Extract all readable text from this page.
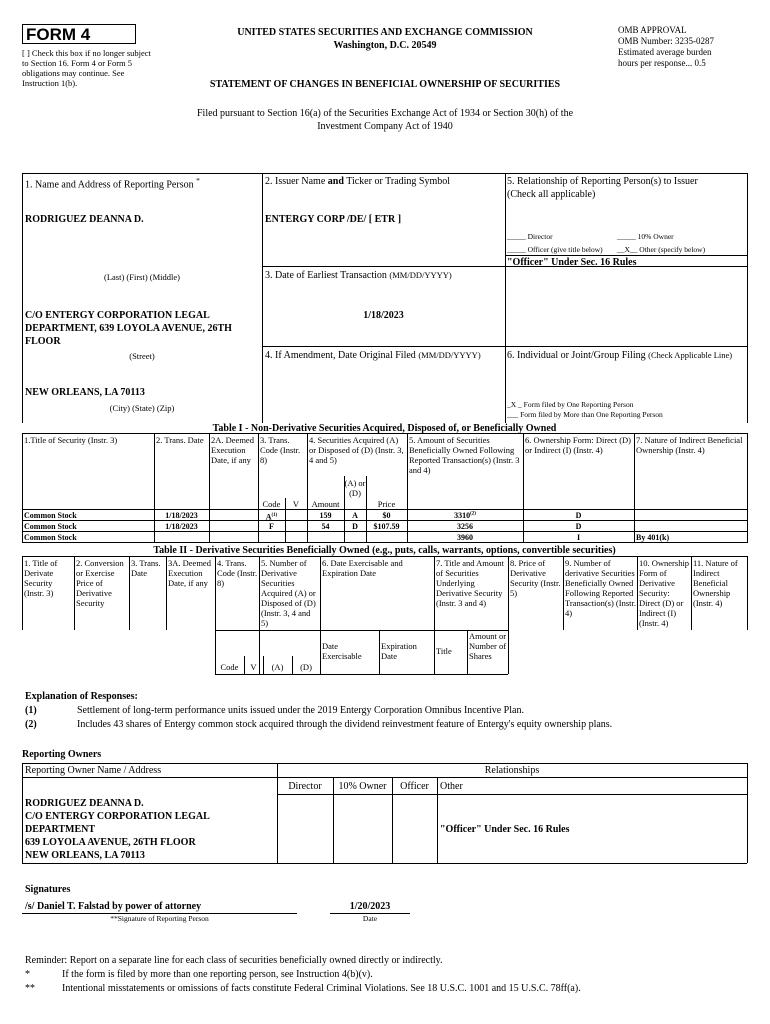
FORM 4
[ ] Check this box if no longer subject to Section 16. Form 4 or Form 5 obligations may continue. See Instruction 1(b).
UNITED STATES SECURITIES AND EXCHANGE COMMISSION
Washington, D.C. 20549
STATEMENT OF CHANGES IN BENEFICIAL OWNERSHIP OF SECURITIES
OMB APPROVAL
OMB Number: 3235-0287
Estimated average burden
hours per response... 0.5
Filed pursuant to Section 16(a) of the Securities Exchange Act of 1934 or Section 30(h) of the
Investment Company Act of 1940
1. Name and Address of Reporting Person *
RODRIGUEZ DEANNA D.
(Last) (First) (Middle)
C/O ENTERGY CORPORATION LEGAL
DEPARTMENT, 639 LOYOLA AVENUE, 26TH
FLOOR
(Street)
NEW ORLEANS, LA 70113
(City) (State) (Zip)
2. Issuer Name and Ticker or Trading Symbol
ENTERGY CORP /DE/ [ ETR ]
3. Date of Earliest Transaction (MM/DD/YYYY)
1/18/2023
4. If Amendment, Date Original Filed (MM/DD/YYYY)
5. Relationship of Reporting Person(s) to Issuer
(Check all applicable)
_____ Director	_____ 10% Owner
_____ Officer (give title below) __X__ Other (specify below)
"Officer" Under Sec. 16 Rules
6. Individual or Joint/Group Filing (Check Applicable Line)
_X _ Form filed by One Reporting Person
___ Form filed by More than One Reporting Person
Table I - Non-Derivative Securities Acquired, Disposed of, or Beneficially Owned
1.Title of Security (Instr. 3)	2. Trans. Date 2A. Deemed Execution Date, if any
3. Trans. Code (Instr. 8)
4. Securities Acquired (A) or Disposed of (D) (Instr. 3, 4 and 5)
5. Amount of Securities Beneficially Owned Following Reported Transaction(s) (Instr. 3 and 4)
6. Ownership Form: Direct (D) or Indirect (I) (Instr. 4)
7. Nature of Indirect Beneficial Ownership (Instr. 4)
Code	V	Amount
(A) or (D)
Price
Common Stock	1/18/2023	$A^{(1)}$	159	A	$0	3310$^{(2)}$	D
Common Stock	1/18/2023	F	54	D	$107.59	3256	D
Common Stock	3960	I	By 401(k)
Table II - Derivative Securities Beneficially Owned (e.g., puts, calls, warrants, options, convertible securities)
1. Title of Derivate Security (Instr. 3)
2. Conversion or Exercise Price of Derivative Security
3. Trans. Date
3A. Deemed Execution Date, if any
4. Trans. Code (Instr. 8)
5. Number of Derivative Securities Acquired (A) or Disposed of (D) (Instr. 3, 4 and 5)
6. Date Exercisable and Expiration Date
7. Title and Amount of Securities Underlying Derivative Security (Instr. 3 and 4)
8. Price of Derivative Security (Instr. 5)
9. Number of derivative Securities Beneficially Owned Following Reported Transaction(s) (Instr. 4)
10. Ownership Form of Derivative Security: Direct (D) or Indirect (I) (Instr. 4)
11. Nature of Indirect Beneficial Ownership (Instr. 4)
Code	V	(A)	(D)
Date Exercisable
Expiration Date	Title
Amount or Number of Shares
Explanation of Responses:
(1)	Settlement of long-term performance units issued under the 2019 Entergy Corporation Omnibus Incentive Plan.
(2)	Includes 43 shares of Entergy common stock acquired through the dividend reinvestment feature of Entergy's equity ownership plans.
Reporting Owners
Reporting Owner Name / Address	Relationships
Director	10% Owner	Officer	Other
RODRIGUEZ DEANNA D.
C/O ENTERGY CORPORATION LEGAL
DEPARTMENT
639 LOYOLA AVENUE, 26TH FLOOR
NEW ORLEANS, LA 70113
"Officer" Under Sec. 16 Rules
Signatures
/s/ Daniel T. Falstad by power of attorney
**Signature of Reporting Person
1/20/2023
Date
Reminder: Report on a separate line for each class of securities beneficially owned directly or indirectly.
*	If the form is filed by more than one reporting person, see Instruction 4(b)(v).
**	Intentional misstatements or omissions of facts constitute Federal Criminal Violations. See 18 U.S.C. 1001 and 15 U.S.C. 78ff(a).
